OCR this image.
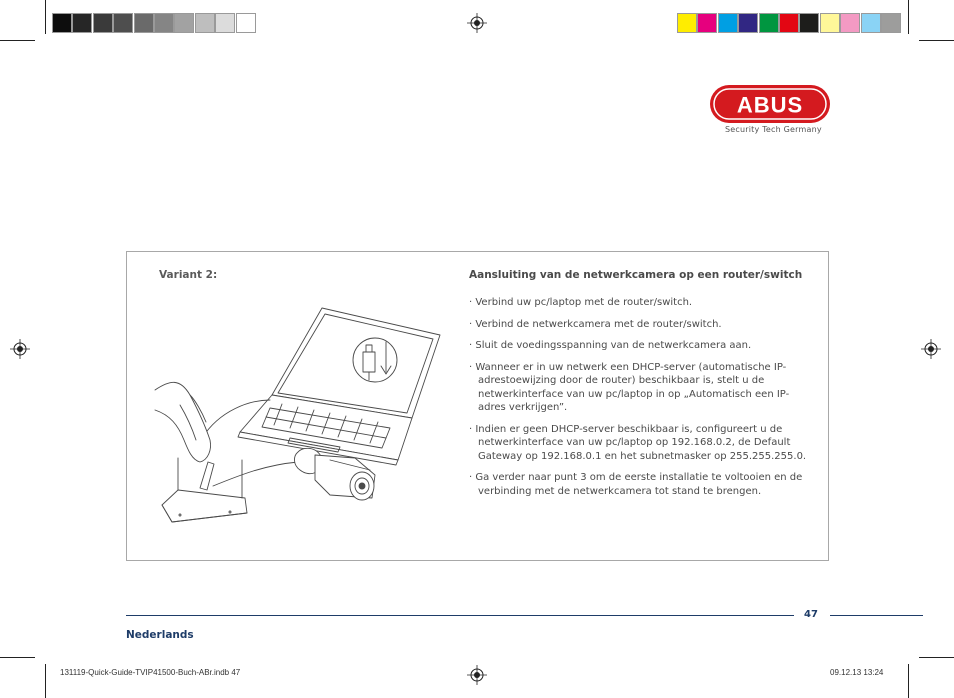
ABUS
Security Tech Germany
Variant 2:	Aansluiting van de netwerkcamera op een router/switch
· Verbind uw pc/laptop met de router/switch.
· Verbind de netwerkcamera met de router/switch.
· Sluit de voedingsspanning van de netwerkcamera aan.
· Wanneer er in uw netwerk een DHCP-server (automatische IP-adrestoewijzing door de router) beschikbaar is, stelt u de netwerkinterface van uw pc/laptop in op „Automatisch een IP-adres verkrijgen”.
· Indien er geen DHCP-server beschikbaar is, configureert u de netwerkinterface van uw pc/laptop op 192.168.0.2, de Default Gateway op 192.168.0.1 en het subnetmasker op 255.255.255.0.
· Ga verder naar punt 3 om de eerste installatie te voltooien en de verbinding met de netwerkcamera tot stand te brengen.
47
Nederlands
131119-Quick-Guide-TVIP41500-Buch-ABr.indb 47	09.12.13 13:24
